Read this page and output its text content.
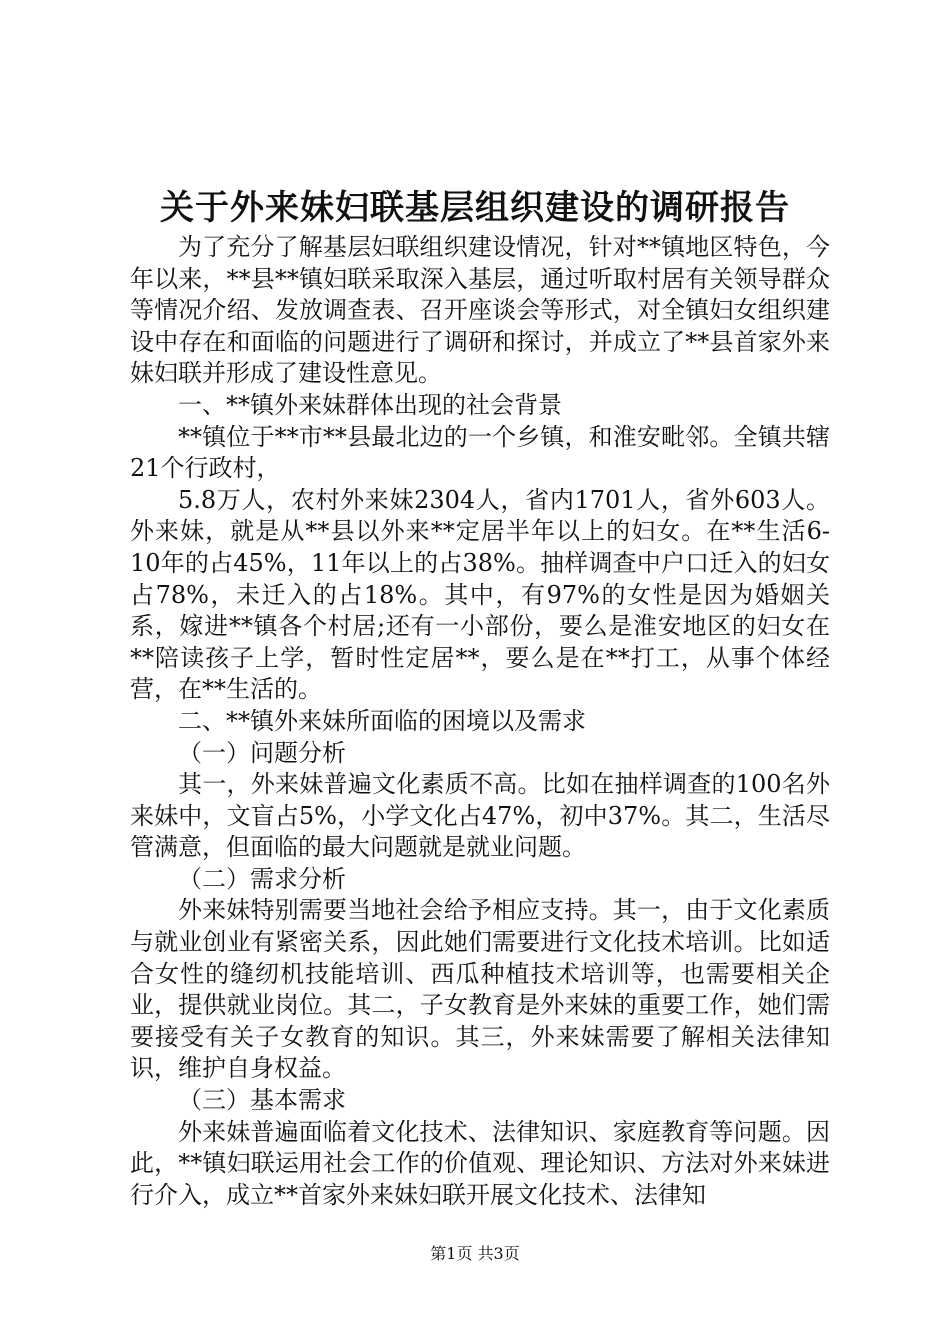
关于外来妹妇联基层组织建设的调研报告

为了充分了解基层妇联组织建设情况，针对**镇地区特色，今年以来，**县**镇妇联采取深入基层，通过听取村居有关领导群众等情况介绍、发放调查表、召开座谈会等形式，对全镇妇女组织建设中存在和面临的问题进行了调研和探讨，并成立了**县首家外来妹妇联并形成了建设性意见。

一、**镇外来妹群体出现的社会背景

**镇位于**市**县最北边的一个乡镇，和淮安毗邻。全镇共辖21个行政村，

5.8万人，农村外来妹2304人，省内1701人，省外603人。外来妹，就是从**县以外来**定居半年以上的妇女。在**生活6-10年的占45%，11年以上的占38%。抽样调查中户口迁入的妇女占78%，未迁入的占18%。其中，有97%的女性是因为婚姻关系，嫁进**镇各个村居;还有一小部份，要么是淮安地区的妇女在**陪读孩子上学，暂时性定居**，要么是在**打工，从事个体经营，在**生活的。

二、**镇外来妹所面临的困境以及需求

（一）问题分析

其一，外来妹普遍文化素质不高。比如在抽样调查的100名外来妹中，文盲占5%，小学文化占47%，初中37%。其二，生活尽管满意，但面临的最大问题就是就业问题。

（二）需求分析

外来妹特别需要当地社会给予相应支持。其一，由于文化素质与就业创业有紧密关系，因此她们需要进行文化技术培训。比如适合女性的缝纫机技能培训、西瓜种植技术培训等，也需要相关企业，提供就业岗位。其二，子女教育是外来妹的重要工作，她们需要接受有关子女教育的知识。其三，外来妹需要了解相关法律知识，维护自身权益。

（三）基本需求

外来妹普遍面临着文化技术、法律知识、家庭教育等问题。因此，**镇妇联运用社会工作的价值观、理论知识、方法对外来妹进行介入，成立**首家外来妹妇联开展文化技术、法律知

第1页 共3页
